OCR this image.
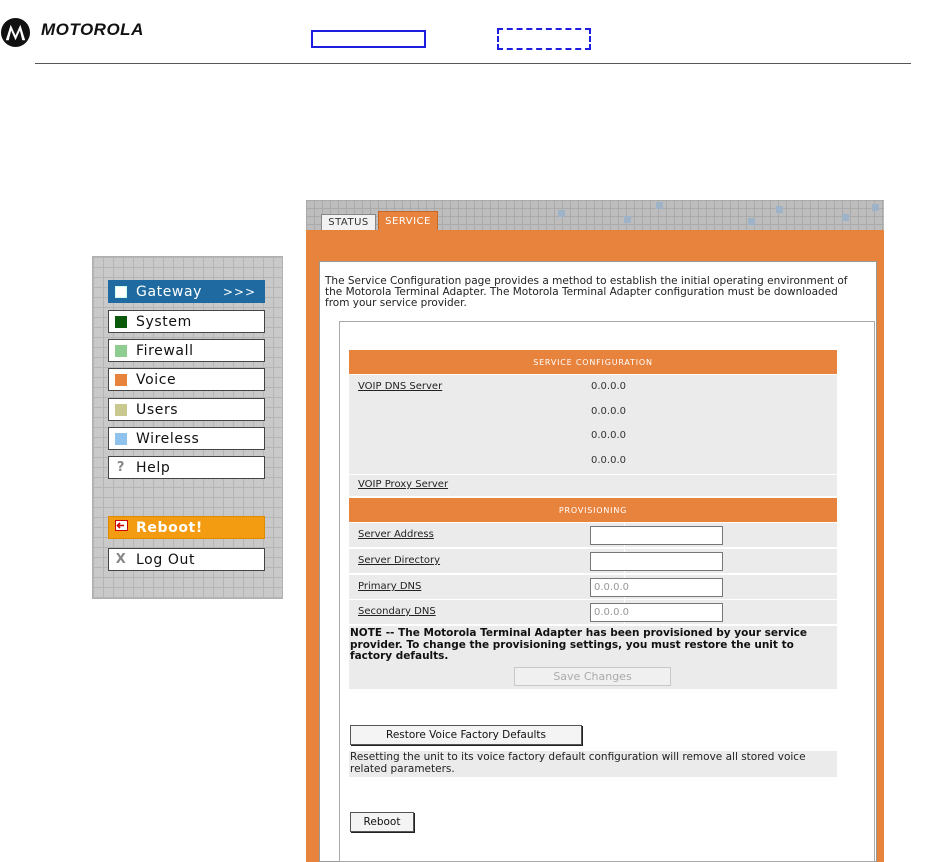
MOTOROLA
Gateway >>>
System
Firewall
Voice
Users
Wireless
? Help
Reboot!
X Log Out
STATUS	SERVICE

The Service Configuration page provides a method to establish the initial operating environment of the Motorola Terminal Adapter. The Motorola Terminal Adapter configuration must be downloaded from your service provider.

SERVICE CONFIGURATION
VOIP DNS Server	0.0.0.0
0.0.0.0
0.0.0.0
0.0.0.0
VOIP Proxy Server
PROVISIONING
Server Address
Server Directory
Primary DNS	0.0.0.0
Secondary DNS	0.0.0.0

NOTE -- The Motorola Terminal Adapter has been provisioned by your service provider. To change the provisioning settings, you must restore the unit to factory defaults.

Save Changes
Restore Voice Factory Defaults

Resetting the unit to its voice factory default configuration will remove all stored voice related parameters.

Reboot
